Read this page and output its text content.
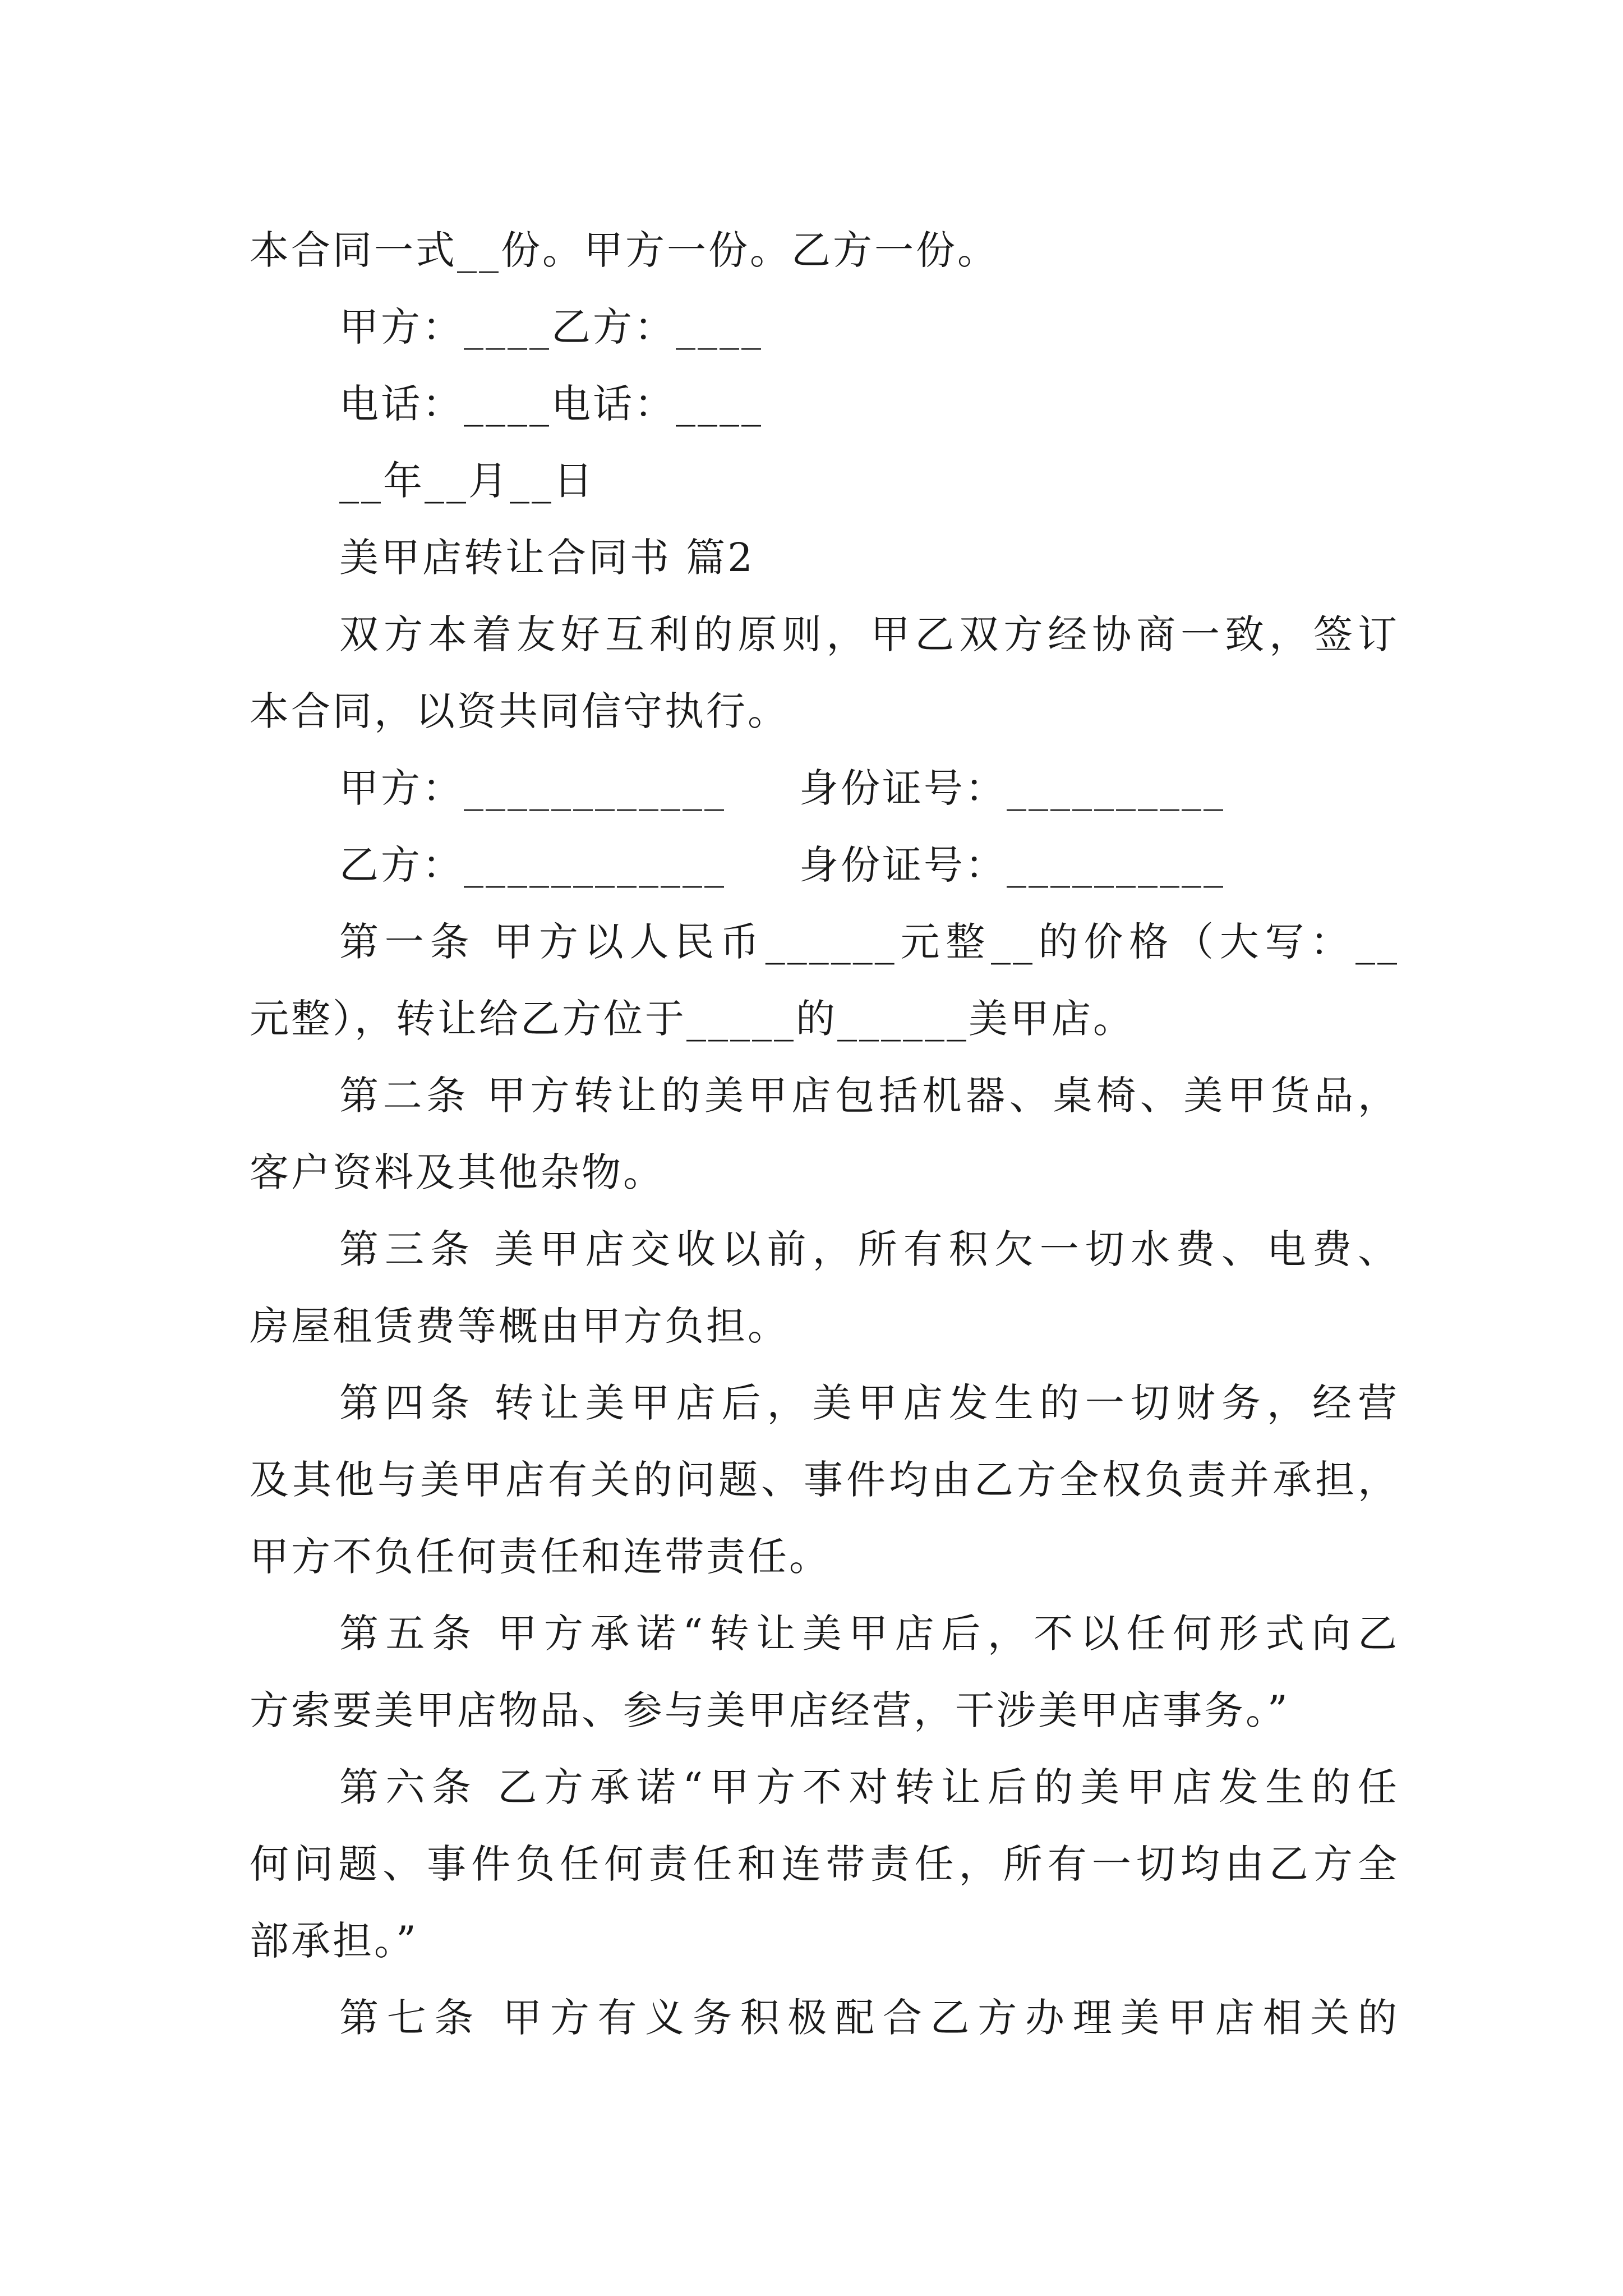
本合同一式__份。甲方一份。乙方一份。
甲方：____乙方：____
电话：____电话：____
__年__月__日
美甲店转让合同书 篇2
双方本着友好互利的原则，甲乙双方经协商一致，签订
本合同，以资共同信守执行。
甲方：____________	身份证号：__________
乙方：____________	身份证号：__________
第一条 甲方以人民币______元整__的价格（大写：__
元整），转让给乙方位于_____的______美甲店。
第二条 甲方转让的美甲店包括机器、桌椅、美甲货品，
客户资料及其他杂物。
第三条 美甲店交收以前，所有积欠一切水费、电费、
房屋租赁费等概由甲方负担。
第四条 转让美甲店后，美甲店发生的一切财务，经营
及其他与美甲店有关的问题、事件均由乙方全权负责并承担，
甲方不负任何责任和连带责任。
第五条 甲方承诺“转让美甲店后，不以任何形式向乙
方索要美甲店物品、参与美甲店经营，干涉美甲店事务。”
第六条 乙方承诺“甲方不对转让后的美甲店发生的任
何问题、事件负任何责任和连带责任，所有一切均由乙方全
部承担。”
第七条 甲方有义务积极配合乙方办理美甲店相关的
